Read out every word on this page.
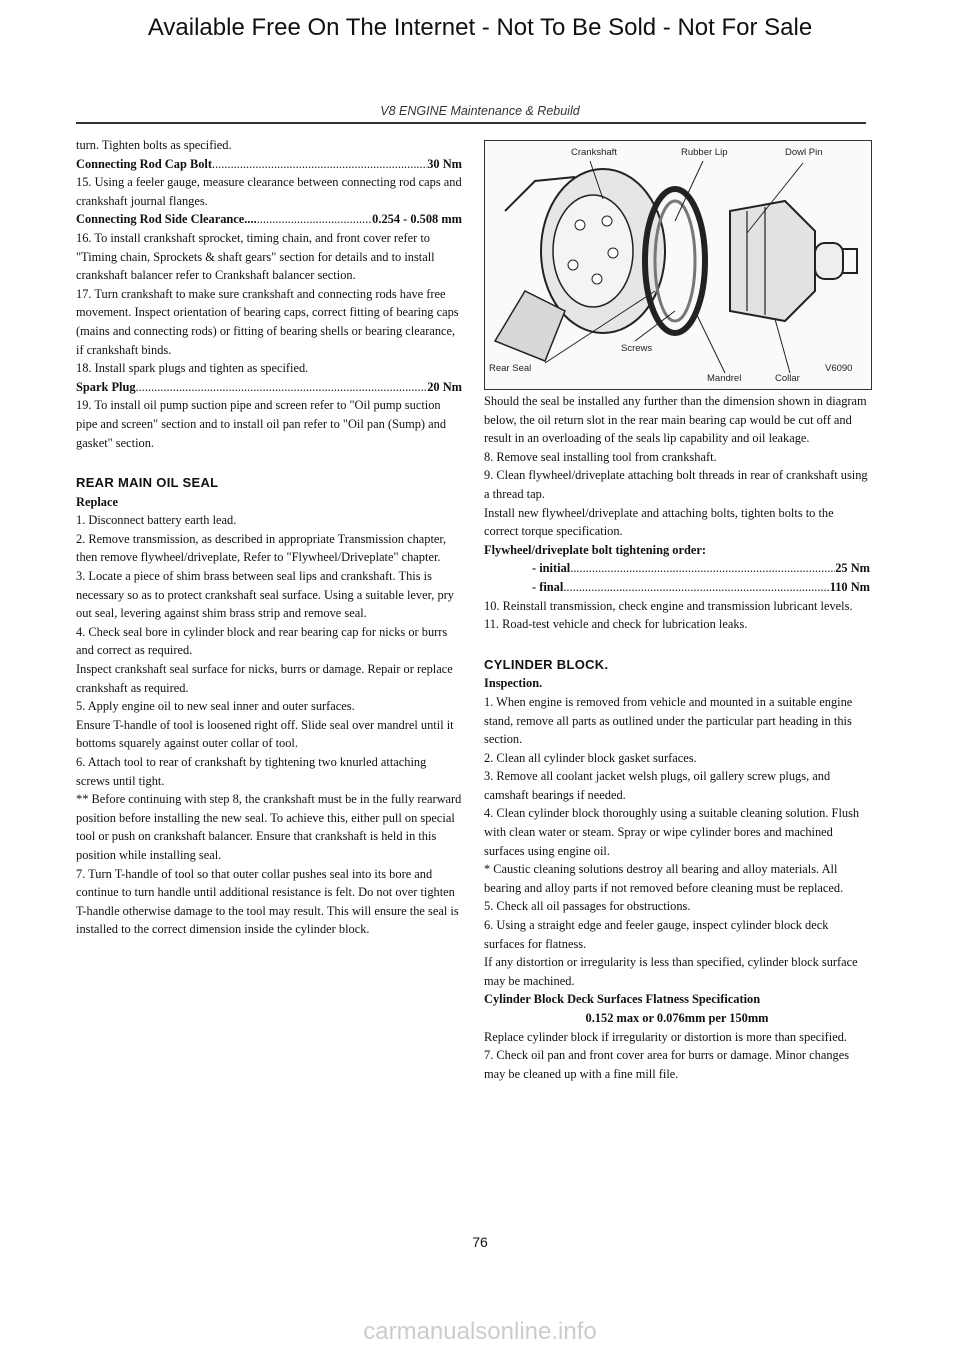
Available Free On The Internet - Not To Be Sold - Not For Sale
V8 ENGINE Maintenance & Rebuild

turn. Tighten bolts as specified.

Connecting Rod Cap Bolt .....	30 Nm

15. Using a feeler gauge, measure clearance between connecting rod caps and crankshaft journal flanges.

Connecting Rod Side Clearance.... .....	0.254 - 0.508 mm

16. To install crankshaft sprocket, timing chain, and front cover refer to "Timing chain, Sprockets & shaft gears" section for details and to install crankshaft balancer refer to Crankshaft balancer section.

17. Turn crankshaft to make sure crankshaft and connecting rods have free movement. Inspect orientation of bearing caps, correct fitting of bearing caps (mains and connecting rods) or fitting of bearing shells or bearing clearance, if crankshaft binds.

18. Install spark plugs and tighten as specified.

Spark Plug .....	20 Nm

19. To install oil pump suction pipe and screen refer to "Oil pump suction pipe and screen" section and to install oil pan refer to "Oil pan (Sump) and gasket" section.

REAR MAIN OIL SEAL

Replace

1. Disconnect battery earth lead.

2. Remove transmission, as described in appropriate Transmission chapter, then remove flywheel/driveplate, Refer to "Flywheel/Driveplate" chapter.

3. Locate a piece of shim brass between seal lips and crankshaft. This is necessary so as to protect crankshaft seal surface. Using a suitable lever, pry out seal, levering against shim brass strip and remove seal.

4. Check seal bore in cylinder block and rear bearing cap for nicks or burrs and correct as required.

Inspect crankshaft seal surface for nicks, burrs or damage. Repair or replace crankshaft as required.

5. Apply engine oil to new seal inner and outer surfaces.

Ensure T-handle of tool is loosened right off. Slide seal over mandrel until it bottoms squarely against outer collar of tool.

6. Attach tool to rear of crankshaft by tightening two knurled attaching screws until tight.

** Before continuing with step 8, the crankshaft must be in the fully rearward position before installing the new seal. To achieve this, either pull on special tool or push on crankshaft balancer. Ensure that crankshaft is held in this position while installing seal.

7. Turn T-handle of tool so that outer collar pushes seal into its bore and continue to turn handle until additional resistance is felt. Do not over tighten T-handle otherwise damage to the tool may result. This will ensure the seal is installed to the correct dimension inside the cylinder block.

Crankshaft	Rubber Lip	Dowl Pin
Screws
Rear Seal
Mandrel	Collar
V6090

Should the seal be installed any further than the dimension shown in diagram below, the oil return slot in the rear main bearing cap would be cut off and result in an overloading of the seals lip capability and oil leakage.

8. Remove seal installing tool from crankshaft.

9. Clean flywheel/driveplate attaching bolt threads in rear of crankshaft using a thread tap.

Install new flywheel/driveplate and attaching bolts, tighten bolts to the correct torque specification.

Flywheel/driveplate bolt tightening order:

- initial .....	25 Nm

- final .....	110 Nm

10. Reinstall transmission, check engine and transmission lubricant levels.

11. Road-test vehicle and check for lubrication leaks.

CYLINDER BLOCK.

Inspection.

1. When engine is removed from vehicle and mounted in a suitable engine stand, remove all parts as outlined under the particular part heading in this section.

2. Clean all cylinder block gasket surfaces.

3. Remove all coolant jacket welsh plugs, oil gallery screw plugs, and camshaft bearings if needed.

4. Clean cylinder block thoroughly using a suitable cleaning solution. Flush with clean water or steam. Spray or wipe cylinder bores and machined surfaces using engine oil.

* Caustic cleaning solutions destroy all bearing and alloy materials. All bearing and alloy parts if not removed before cleaning must be replaced.

5. Check all oil passages for obstructions.

6. Using a straight edge and feeler gauge, inspect cylinder block deck surfaces for flatness.

If any distortion or irregularity is less than specified, cylinder block surface may be machined.

Cylinder Block Deck Surfaces Flatness Specification

0.152 max or 0.076mm per 150mm

Replace cylinder block if irregularity or distortion is more than specified.

7. Check oil pan and front cover area for burrs or damage. Minor changes may be cleaned up with a fine mill file.

76
carmanualsonline.info
